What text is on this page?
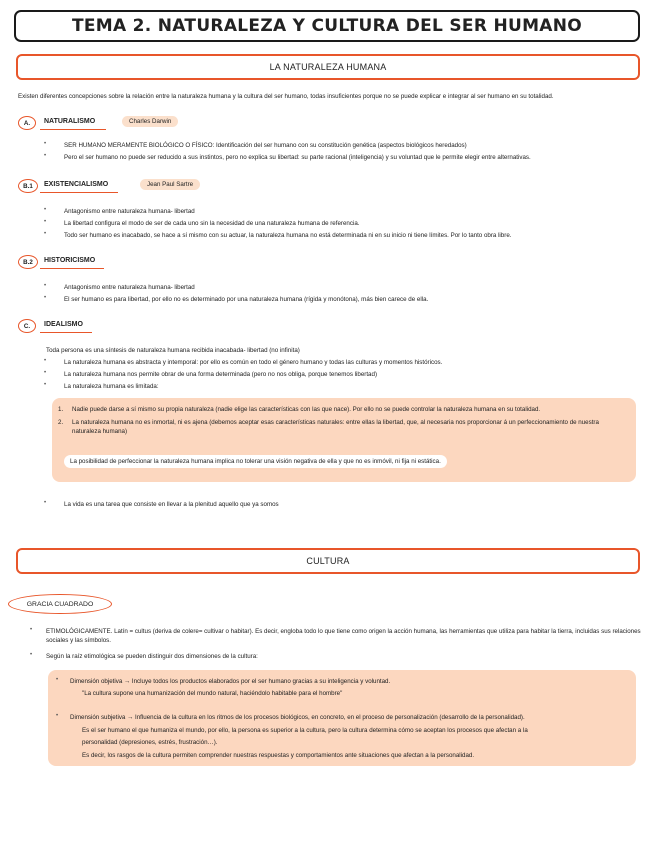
TEMA 2. NATURALEZA Y CULTURA DEL SER HUMANO
LA NATURALEZA HUMANA
Existen diferentes concepciones sobre la relación entre la naturaleza humana y la cultura del ser humano, todas insuficientes porque no se puede explicar e integrar al ser humano en su totalidad.
A.	NATURALISMO	Charles Darwin
•	SER HUMANO MERAMENTE BIOLÓGICO O FÍSICO: Identificación del ser humano con su constitución genética (aspectos biológicos heredados)
•	Pero el ser humano no puede ser reducido a sus instintos, pero no explica su libertad: su parte racional (inteligencia) y su voluntad que le permite elegir entre alternativas.
B.1	EXISTENCIALISMO	Jean Paul Sartre
•	Antagonismo entre naturaleza humana- libertad
•	La libertad configura el modo de ser de cada uno sin la necesidad de una naturaleza humana de referencia.
•	Todo ser humano es inacabado, se hace a sí mismo con su actuar, la naturaleza humana no está determinada ni en su inicio ni tiene límites. Por lo tanto obra libre.
B.2	HISTORICISMO
•	Antagonismo entre naturaleza humana- libertad
•	El ser humano es para libertad, por ello no es determinado por una naturaleza humana (rígida y monótona), más bien carece de ella.
C.	IDEALISMO
Toda persona es una síntesis de naturaleza humana recibida inacabada- libertad (no infinita)
•	La naturaleza humana es abstracta y intemporal: por ello es común en todo el género humano y todas las culturas y momentos históricos.
•	La naturaleza humana nos permite obrar de una forma determinada (pero no nos obliga, porque tenemos libertad)
•	La naturaleza humana es limitada:
1. Nadie puede darse a sí mismo su propia naturaleza (nadie elige las características con las que nace). Por ello no se puede controlar la naturaleza humana en su totalidad.
2. La naturaleza humana no es inmortal, ni es ajena (debemos aceptar esas características naturales: entre ellas la libertad, que, al necesaria nos proporcionar á un perfeccionamiento de nuestra naturaleza humana)
La posibilidad de perfeccionar la naturaleza humana implica no tolerar una visión negativa de ella y que no es inmóvil, ni fija ni estática.
•	La vida es una tarea que consiste en llevar a la plenitud aquello que ya somos
CULTURA
GRACIA CUADRADO
• ETIMOLÓGICAMENTE. Latín = cultus (deriva de colere= cultivar o habitar). Es decir, engloba todo lo que tiene como origen la acción humana, las herramientas que utiliza para habitar la tierra, incluidas sus relaciones sociales y las símbolos.
• Según la raíz etimológica se pueden distinguir dos dimensiones de la cultura:
• Dimensión objetiva → Incluye todos los productos elaborados por el ser humano gracias a su inteligencia y voluntad.
"La cultura supone una humanización del mundo natural, haciéndolo habitable para el hombre"
• Dimensión subjetiva → Influencia de la cultura en los ritmos de los procesos biológicos, en concreto, en el proceso de personalización (desarrollo de la personalidad).
Es el ser humano el que humaniza el mundo, por ello, la persona es superior a la cultura, pero la cultura determina cómo se aceptan los procesos que afectan a la
personalidad (depresiones, estrés, frustración…).
Es decir, los rasgos de la cultura permiten comprender nuestras respuestas y comportamientos ante situaciones que afectan a la personalidad.
